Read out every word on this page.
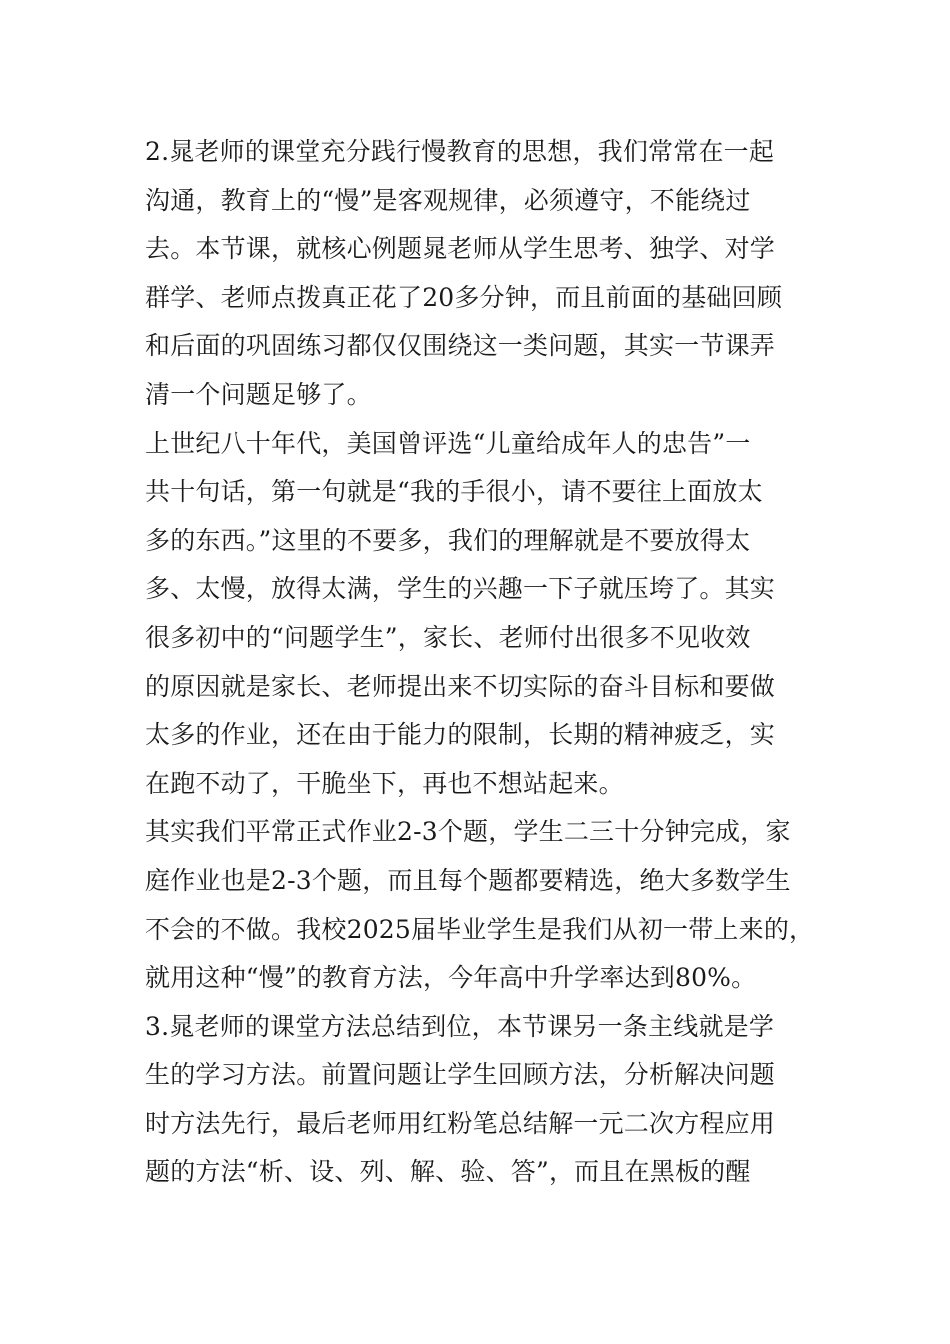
2.晁老师的课堂充分践行慢教育的思想，我们常常在一起
沟通，教育上的“慢”是客观规律，必须遵守，不能绕过
去。本节课，就核心例题晁老师从学生思考、独学、对学
群学、老师点拨真正花了20多分钟，而且前面的基础回顾
和后面的巩固练习都仅仅围绕这一类问题，其实一节课弄
清一个问题足够了。
上世纪八十年代，美国曾评选“儿童给成年人的忠告”一
共十句话，第一句就是“我的手很小，请不要往上面放太
多的东西。”这里的不要多，我们的理解就是不要放得太
多、太慢，放得太满，学生的兴趣一下子就压垮了。其实
很多初中的“问题学生”，家长、老师付出很多不见收效
的原因就是家长、老师提出来不切实际的奋斗目标和要做
太多的作业，还在由于能力的限制，长期的精神疲乏，实
在跑不动了，干脆坐下，再也不想站起来。
其实我们平常正式作业2-3个题，学生二三十分钟完成，家
庭作业也是2-3个题，而且每个题都要精选，绝大多数学生
不会的不做。我校2025届毕业学生是我们从初一带上来的，
就用这种“慢”的教育方法，今年高中升学率达到80%。
3.晁老师的课堂方法总结到位，本节课另一条主线就是学
生的学习方法。前置问题让学生回顾方法，分析解决问题
时方法先行，最后老师用红粉笔总结解一元二次方程应用
题的方法“析、设、列、解、验、答”，而且在黑板的醒
